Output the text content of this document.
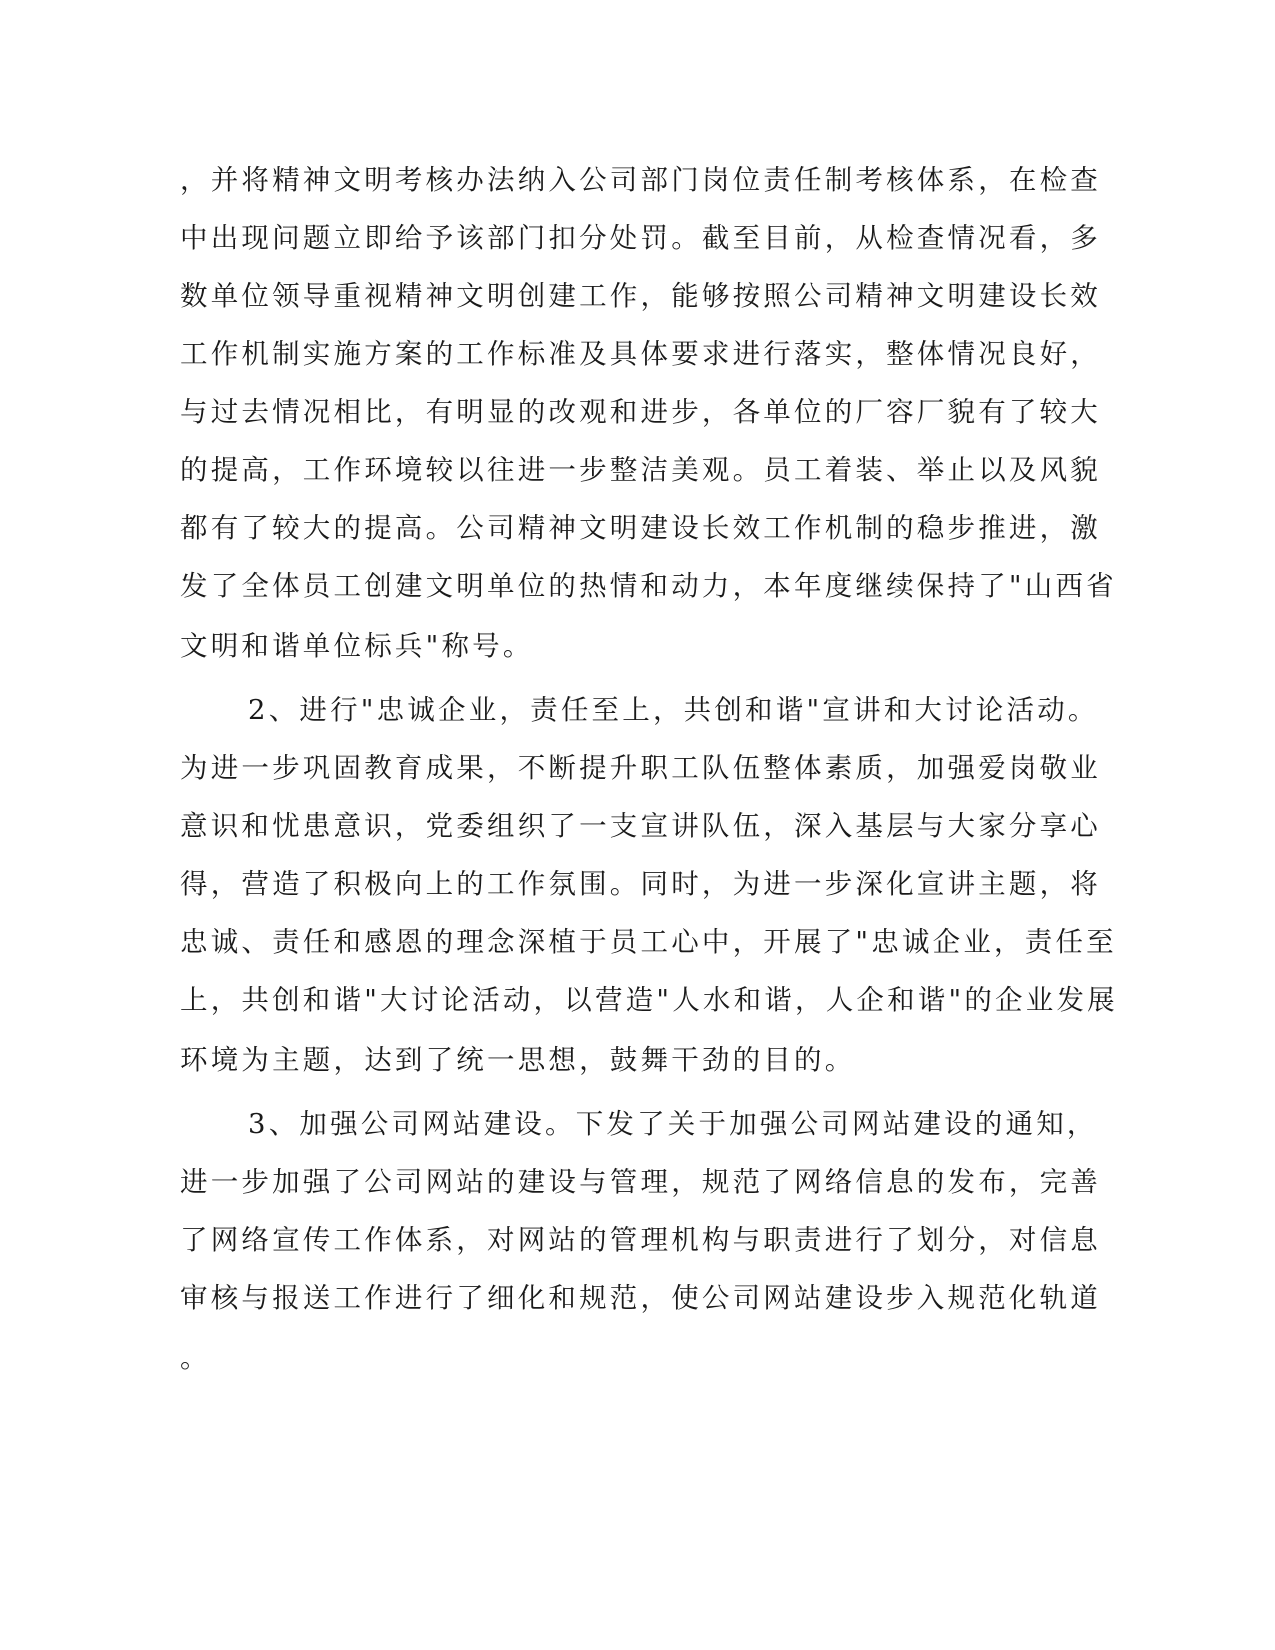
，并将精神文明考核办法纳入公司部门岗位责任制考核体系，在检查
中出现问题立即给予该部门扣分处罚。截至目前，从检查情况看，多
数单位领导重视精神文明创建工作，能够按照公司精神文明建设长效
工作机制实施方案的工作标准及具体要求进行落实，整体情况良好，
与过去情况相比，有明显的改观和进步，各单位的厂容厂貌有了较大
的提高，工作环境较以往进一步整洁美观。员工着装、举止以及风貌
都有了较大的提高。公司精神文明建设长效工作机制的稳步推进，激
发了全体员工创建文明单位的热情和动力，本年度继续保持了"山西省
文明和谐单位标兵"称号。
2、进行"忠诚企业，责任至上，共创和谐"宣讲和大讨论活动。
为进一步巩固教育成果，不断提升职工队伍整体素质，加强爱岗敬业
意识和忧患意识，党委组织了一支宣讲队伍，深入基层与大家分享心
得，营造了积极向上的工作氛围。同时，为进一步深化宣讲主题，将
忠诚、责任和感恩的理念深植于员工心中，开展了"忠诚企业，责任至
上，共创和谐"大讨论活动，以营造"人水和谐，人企和谐"的企业发展
环境为主题，达到了统一思想，鼓舞干劲的目的。
3、加强公司网站建设。下发了关于加强公司网站建设的通知，
进一步加强了公司网站的建设与管理，规范了网络信息的发布，完善
了网络宣传工作体系，对网站的管理机构与职责进行了划分，对信息
审核与报送工作进行了细化和规范，使公司网站建设步入规范化轨道
。
